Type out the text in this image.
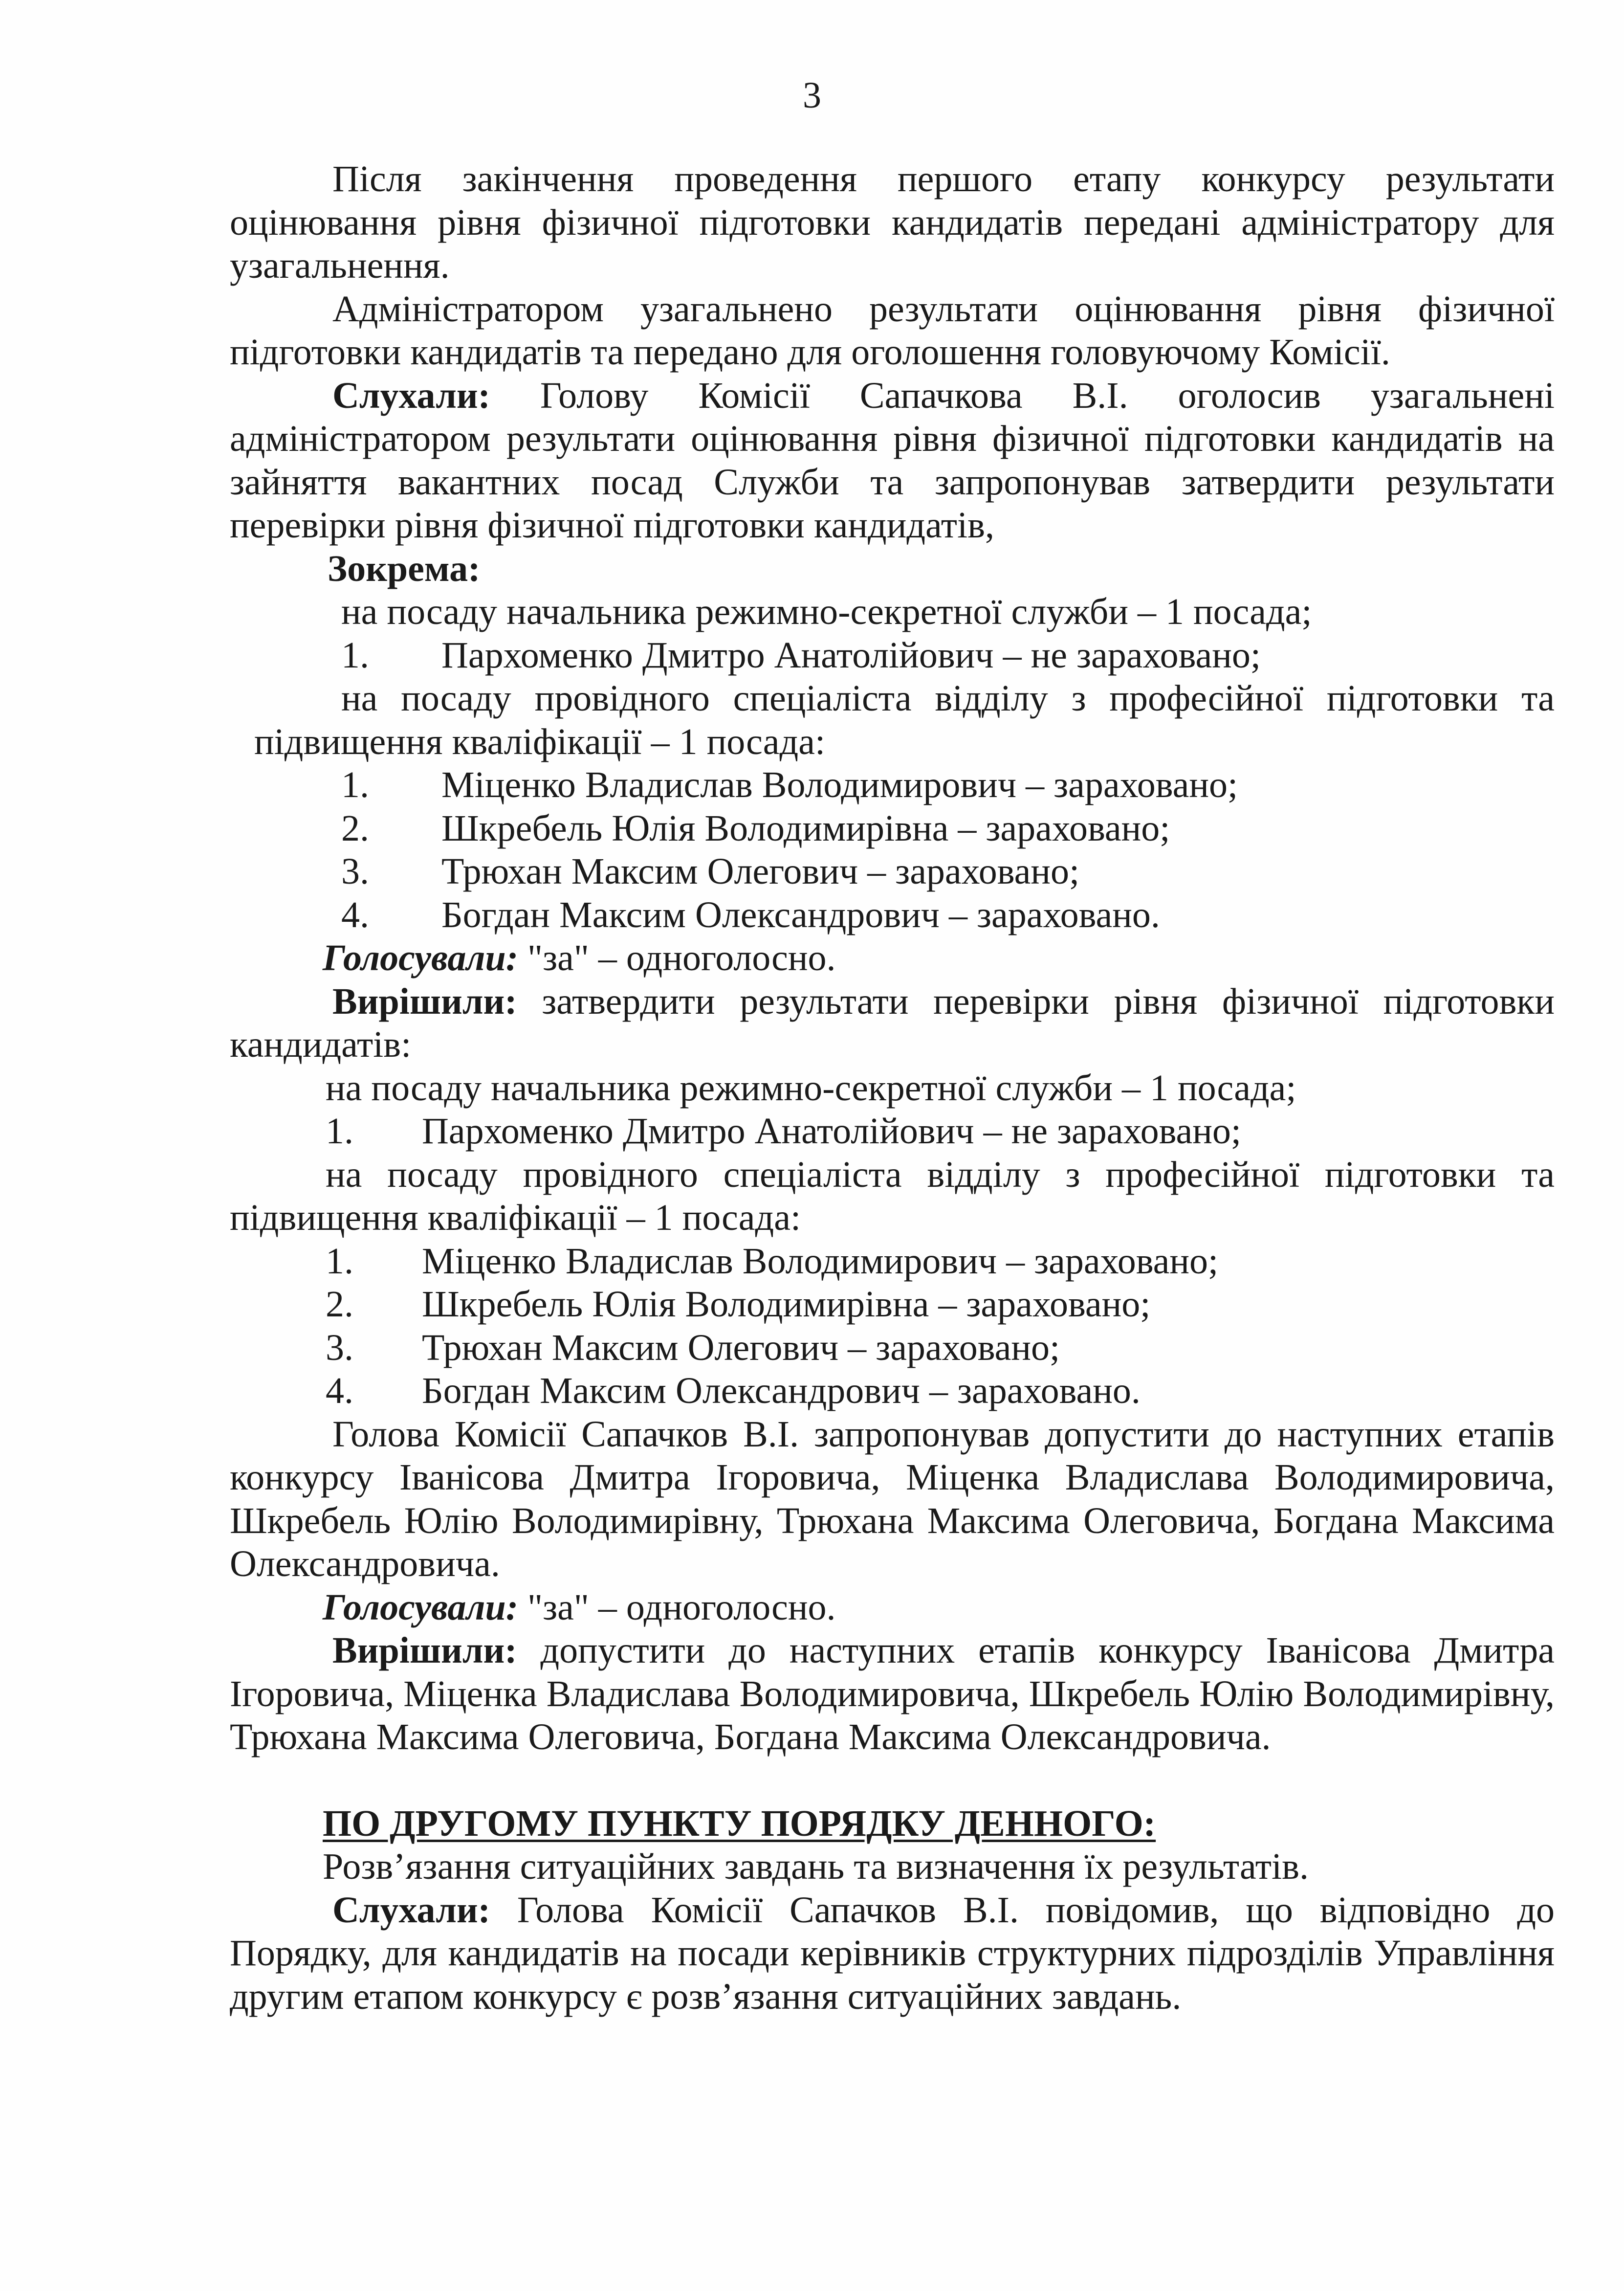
3

Після закінчення проведення першого етапу конкурсу результати оцінювання рівня фізичної підготовки кандидатів передані адміністратору для узагальнення.

Адміністратором узагальнено результати оцінювання рівня фізичної підготовки кандидатів та передано для оголошення головуючому Комісії.

Слухали: Голову Комісії Сапачкова В.І. оголосив узагальнені адміністратором результати оцінювання рівня фізичної підготовки кандидатів на зайняття вакантних посад Служби та запропонував затвердити результати перевірки рівня фізичної підготовки кандидатів,

Зокрема:

на посаду начальника режимно-секретної служби – 1 посада;

1. Пархоменко Дмитро Анатолійович – не зараховано;

на посаду провідного спеціаліста відділу з професійної підготовки та

підвищення кваліфікації – 1 посада:

1. Міценко Владислав Володимирович – зараховано;

2. Шкребель Юлія Володимирівна – зараховано;

3. Трюхан Максим Олегович – зараховано;

4. Богдан Максим Олександрович – зараховано.

Голосували: "за" – одноголосно.

Вирішили: затвердити результати перевірки рівня фізичної підготовки кандидатів:

на посаду начальника режимно-секретної служби – 1 посада;

1. Пархоменко Дмитро Анатолійович – не зараховано;

на посаду провідного спеціаліста відділу з професійної підготовки та

підвищення кваліфікації – 1 посада:

1. Міценко Владислав Володимирович – зараховано;

2. Шкребель Юлія Володимирівна – зараховано;

3. Трюхан Максим Олегович – зараховано;

4. Богдан Максим Олександрович – зараховано.

Голова Комісії Сапачков В.І. запропонував допустити до наступних етапів конкурсу Іванісова Дмитра Ігоровича, Міценка Владислава Володимировича, Шкребель Юлію Володимирівну, Трюхана Максима Олеговича, Богдана Максима Олександровича.

Голосували: "за" – одноголосно.

Вирішили: допустити до наступних етапів конкурсу Іванісова Дмитра Ігоровича, Міценка Владислава Володимировича, Шкребель Юлію Володимирівну, Трюхана Максима Олеговича, Богдана Максима Олександровича.

ПО ДРУГОМУ ПУНКТУ ПОРЯДКУ ДЕННОГО:

Розв’язання ситуаційних завдань та визначення їх результатів.

Слухали: Голова Комісії Сапачков В.І. повідомив, що відповідно до Порядку, для кандидатів на посади керівників структурних підрозділів Управління другим етапом конкурсу є розв’язання ситуаційних завдань.
